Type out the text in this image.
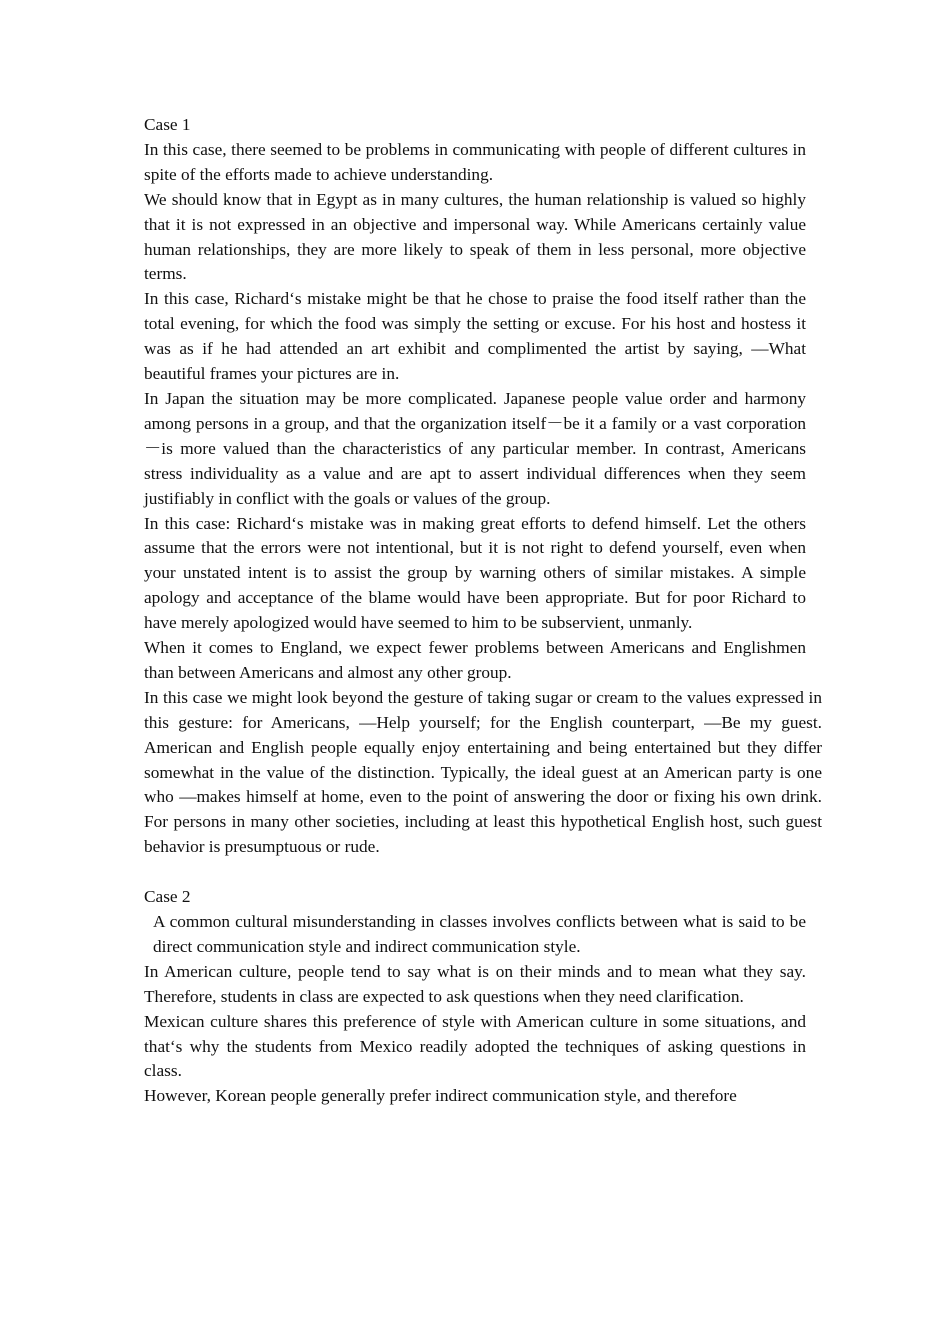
Case 1

In this case, there seemed to be problems in communicating with people of different cultures in spite of the efforts made to achieve understanding.

We should know that in Egypt as in many cultures, the human relationship is valued so highly that it is not expressed in an objective and impersonal way. While Americans certainly value human relationships, they are more likely to speak of them in less personal, more objective terms.

In this case, Richard‘s mistake might be that he chose to praise the food itself rather than the total evening, for which the food was simply the setting or excuse. For his host and hostess it was as if he had attended an art exhibit and complimented the artist by saying, ―What beautiful frames your pictures are in.

In Japan the situation may be more complicated. Japanese people value order and harmony among persons in a group, and that the organization itself－be it a family or a vast corporation－is more valued than the characteristics of any particular member. In contrast, Americans stress individuality as a value and are apt to assert individual differences when they seem justifiably in conflict with the goals or values of the group.

In this case: Richard‘s mistake was in making great efforts to defend himself. Let the others assume that the errors were not intentional, but it is not right to defend yourself, even when your unstated intent is to assist the group by warning others of similar mistakes. A simple apology and acceptance of the blame would have been appropriate. But for poor Richard to have merely apologized would have seemed to him to be subservient, unmanly.

When it comes to England, we expect fewer problems between Americans and Englishmen than between Americans and almost any other group.

In this case we might look beyond the gesture of taking sugar or cream to the values expressed in this gesture: for Americans, ―Help yourself; for the English counterpart, ―Be my guest. American and English people equally enjoy entertaining and being entertained but they differ somewhat in the value of the distinction. Typically, the ideal guest at an American party is one who ―makes himself at home, even to the point of answering the door or fixing his own drink. For persons in many other societies, including at least this hypothetical English host, such guest behavior is presumptuous or rude.

Case 2

A common cultural misunderstanding in classes involves conflicts between what is said to be direct communication style and indirect communication style.

In American culture, people tend to say what is on their minds and to mean what they say. Therefore, students in class are expected to ask questions when they need clarification.

Mexican culture shares this preference of style with American culture in some situations, and that‘s why the students from Mexico readily adopted the techniques of asking questions in class.

However, Korean people generally prefer indirect communication style, and therefore
